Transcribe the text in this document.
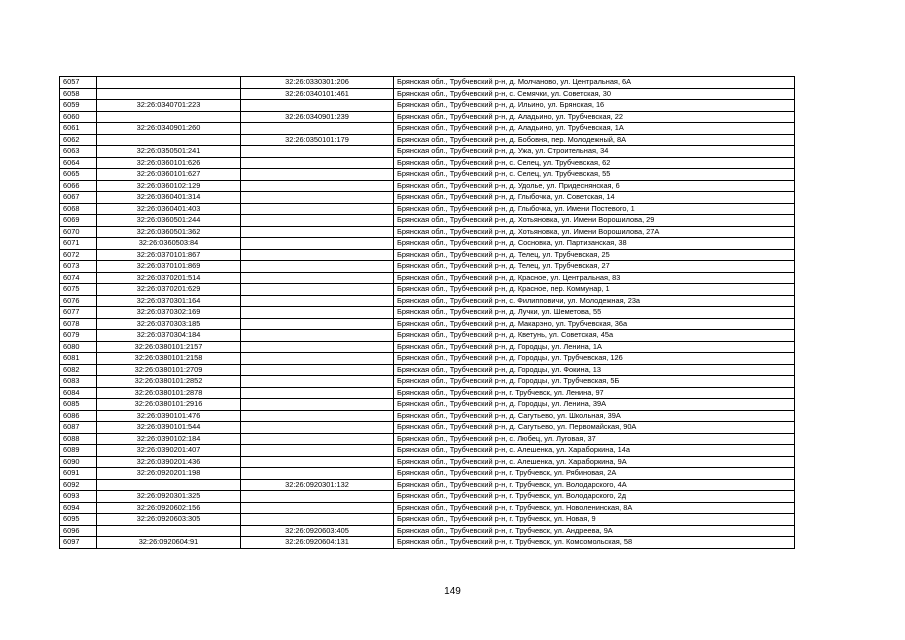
6057		32:26:0330301:206	Брянская обл., Трубчевский р-н, д. Молчаново, ул. Центральная, 6А
6058		32:26:0340101:461	Брянская обл., Трубчевский р-н, с. Семячки, ул. Советская, 30
6059	32:26:0340701:223		Брянская обл., Трубчевский р-н, д. Ильино, ул. Брянская, 16
6060		32:26:0340901:239	Брянская обл., Трубчевский р-н, д. Аладьино, ул. Трубчевская, 22
6061	32:26:0340901:260		Брянская обл., Трубчевский р-н, д. Аладьино, ул. Трубчевская, 1А
6062		32:26:0350101:179	Брянская обл., Трубчевский р-н, д. Бобовня, пер. Молодежный, 8А
6063	32:26:0350501:241		Брянская обл., Трубчевский р-н, д. Ужа, ул. Строительная, 34
6064	32:26:0360101:626		Брянская обл., Трубчевский р-н, с. Селец, ул. Трубчевская, 62
6065	32:26:0360101:627		Брянская обл., Трубчевский р-н, с. Селец, ул. Трубчевская, 55
6066	32:26:0360102:129		Брянская обл., Трубчевский р-н, д. Удолье, ул. Придеснянская, 6
6067	32:26:0360401:314		Брянская обл., Трубчевский р-н, д. Глыбочка, ул. Советская, 14
6068	32:26:0360401:403		Брянская обл., Трубчевский р-н, д. Глыбочка, ул. Имени Постевого, 1
6069	32:26:0360501:244		Брянская обл., Трубчевский р-н, д. Хотьяновка, ул. Имени Ворошилова, 29
6070	32:26:0360501:362		Брянская обл., Трубчевский р-н, д. Хотьяновка, ул. Имени Ворошилова, 27А
6071	32:26:0360503:84		Брянская обл., Трубчевский р-н, д. Сосновка, ул. Партизанская, 38
6072	32:26:0370101:867		Брянская обл., Трубчевский р-н, д. Телец, ул. Трубчевская, 25
6073	32:26:0370101:869		Брянская обл., Трубчевский р-н, д. Телец, ул. Трубчевская, 27
6074	32:26:0370201:514		Брянская обл., Трубчевский р-н, д. Красное, ул. Центральная, 83
6075	32:26:0370201:629		Брянская обл., Трубчевский р-н, д. Красное, пер. Коммунар, 1
6076	32:26:0370301:164		Брянская обл., Трубчевский р-н, с. Филипповичи, ул. Молодежная, 23а
6077	32:26:0370302:169		Брянская обл., Трубчевский р-н, д. Лучки, ул. Шеметова, 55
6078	32:26:0370303:185		Брянская обл., Трубчевский р-н, д. Макарэно, ул. Трубчевская, 36а
6079	32:26:0370304:184		Брянская обл., Трубчевский р-н, д. Кветунь, ул. Советская, 45а
6080	32:26:0380101:2157		Брянская обл., Трубчевский р-н, д. Городцы, ул. Ленина, 1А
6081	32:26:0380101:2158		Брянская обл., Трубчевский р-н, д. Городцы, ул. Трубчевская, 126
6082	32:26:0380101:2709		Брянская обл., Трубчевский р-н, д. Городцы, ул. Фокина, 13
6083	32:26:0380101:2852		Брянская обл., Трубчевский р-н, д. Городцы, ул. Трубчевская, 5Б
6084	32:26:0380101:2878		Брянская обл., Трубчевский р-н, г. Трубчевск, ул. Ленина, 97
6085	32:26:0380101:2916		Брянская обл., Трубчевский р-н, д. Городцы, ул. Ленина, 39А
6086	32:26:0390101:476		Брянская обл., Трубчевский р-н, д. Сагутьево, ул. Школьная, 39А
6087	32:26:0390101:544		Брянская обл., Трубчевский р-н, д. Сагутьево, ул. Первомайская, 90А
6088	32:26:0390102:184		Брянская обл., Трубчевский р-н, с. Любец, ул. Луговая, 37
6089	32:26:0390201:407		Брянская обл., Трубчевский р-н, с. Алешенка, ул. Хараборкина, 14а
6090	32:26:0390201:436		Брянская обл., Трубчевский р-н, с. Алешенка, ул. Хараборкина, 9А
6091	32:26:0920201:198		Брянская обл., Трубчевский р-н, г. Трубчевск, ул. Рябиновая, 2А
6092		32:26:0920301:132	Брянская обл., Трубчевский р-н, г. Трубчевск, ул. Володарского, 4А
6093	32:26:0920301:325		Брянская обл., Трубчевский р-н, г. Трубчевск, ул. Володарского, 2д
6094	32:26:0920602:156		Брянская обл., Трубчевский р-н, г. Трубчевск, ул. Новоленинская, 8А
6095	32:26:0920603:305		Брянская обл., Трубчевский р-н, г. Трубчевск, ул. Новая, 9
6096		32:26:0920603:405	Брянская обл., Трубчевский р-н, г. Трубчевск, ул. Андреева, 9А
6097	32:26:0920604:91	32:26:0920604:131	Брянская обл., Трубчевский р-н, г. Трубчевск, ул. Комсомольская, 58
149
